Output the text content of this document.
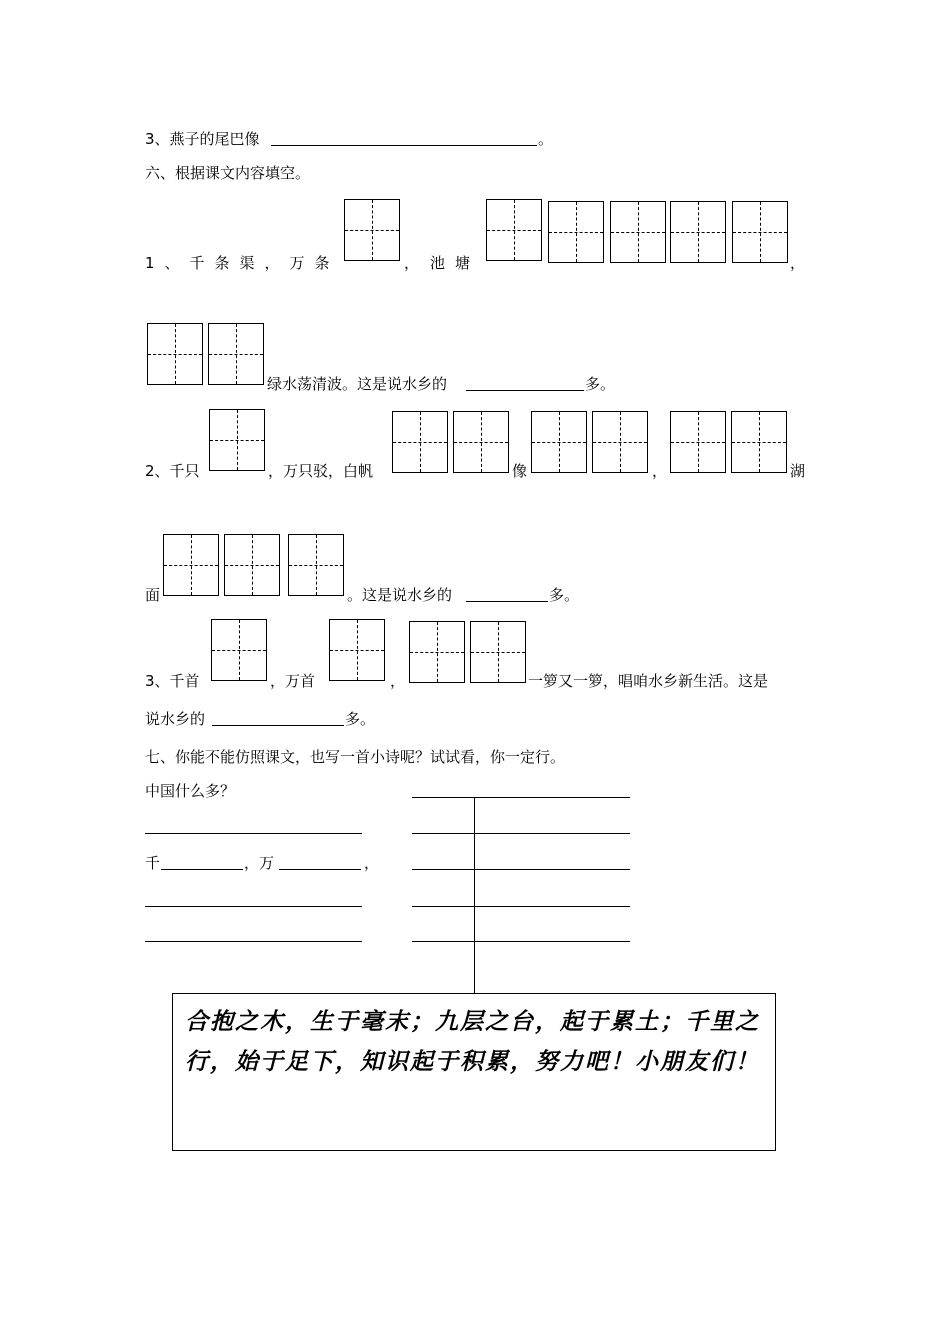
3、燕子的尾巴像	。
六、根据课文内容填空。
1、千条渠，万条	， 池塘	，
绿水荡清波。这是说水乡的	多。
2、千只	，万只驳，白帆	像	，	湖
面	。这是说水乡的	多。
3、千首	，万首	，	一箩又一箩，唱咱水乡新生活。这是
说水乡的	多。
七、你能不能仿照课文，也写一首小诗呢？试试看，你一定行。
中国什么多？
千	，万	，
合抱之木，生于毫末；九层之台，起于累土；千里之行，始于足下，知识起于积累，努力吧！小朋友们！
